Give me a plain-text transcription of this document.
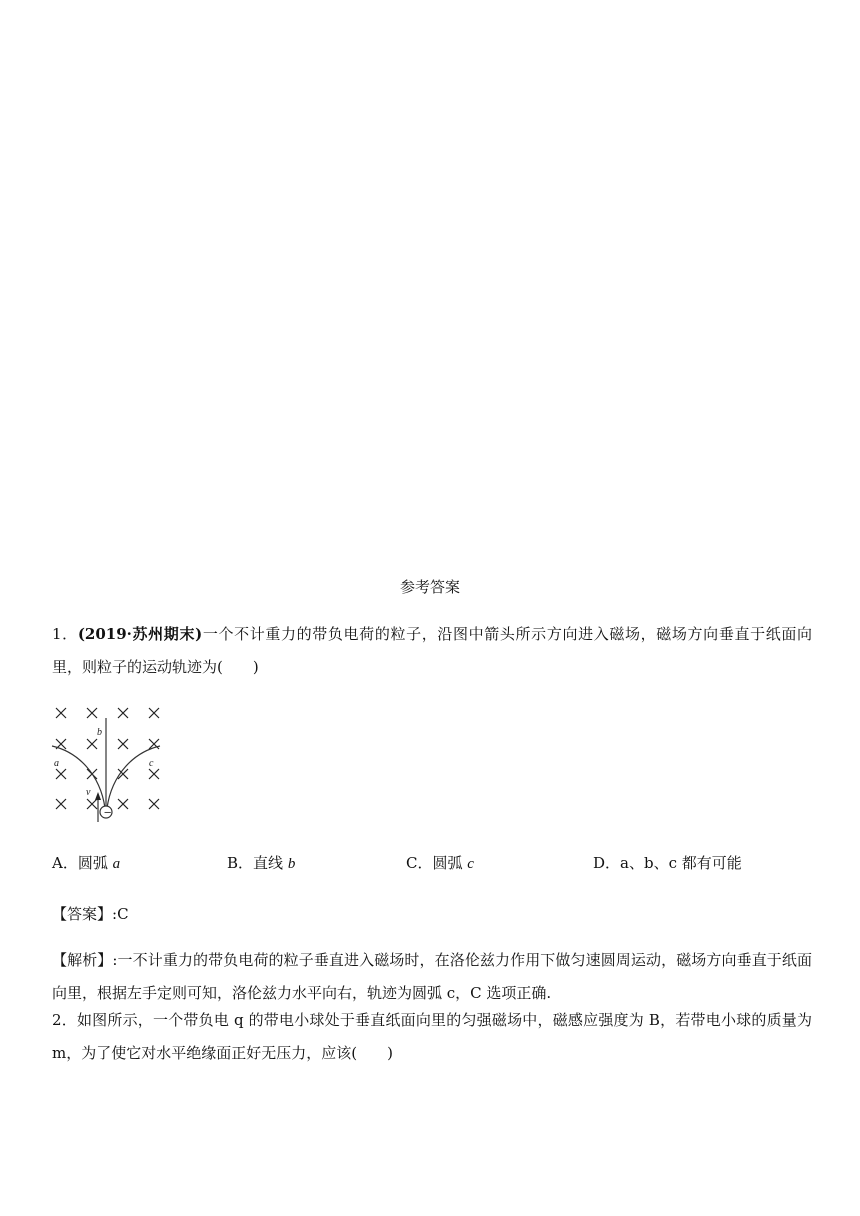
参考答案
1．(2019·苏州期末)一个不计重力的带负电荷的粒子，沿图中箭头所示方向进入磁场，磁场方向垂直于纸面向里，则粒子的运动轨迹为(　　)
b
a	c
v
−
A．圆弧 a	B．直线 b	C．圆弧 c	D．a、b、c 都有可能
【答案】:C
【解析】:一不计重力的带负电荷的粒子垂直进入磁场时，在洛伦兹力作用下做匀速圆周运动，磁场方向垂直于纸面向里，根据左手定则可知，洛伦兹力水平向右，轨迹为圆弧 c，C 选项正确.
2．如图所示，一个带负电 q 的带电小球处于垂直纸面向里的匀强磁场中，磁感应强度为 B，若带电小球的质量为 m，为了使它对水平绝缘面正好无压力，应该(　　)
